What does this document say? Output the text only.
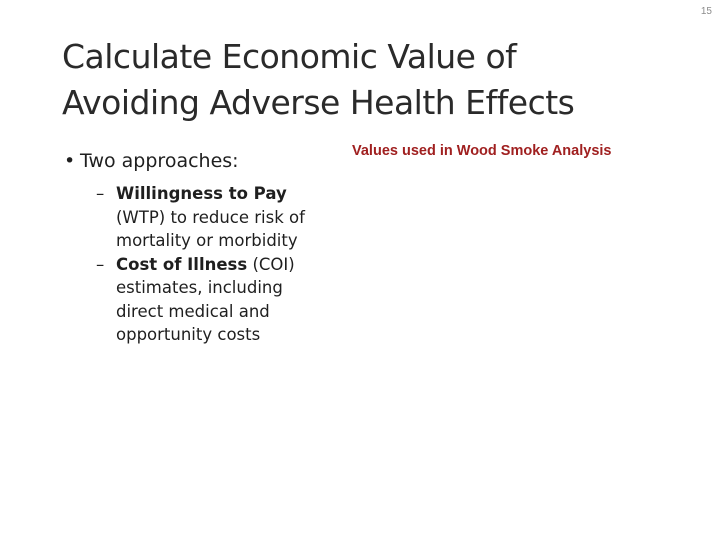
15
Calculate Economic Value of
Avoiding Adverse Health Effects
• Two approaches:
– Willingness to Pay (WTP) to reduce risk of mortality or morbidity
– Cost of Illness (COI) estimates, including direct medical and opportunity costs
Values used in Wood Smoke Analysis
